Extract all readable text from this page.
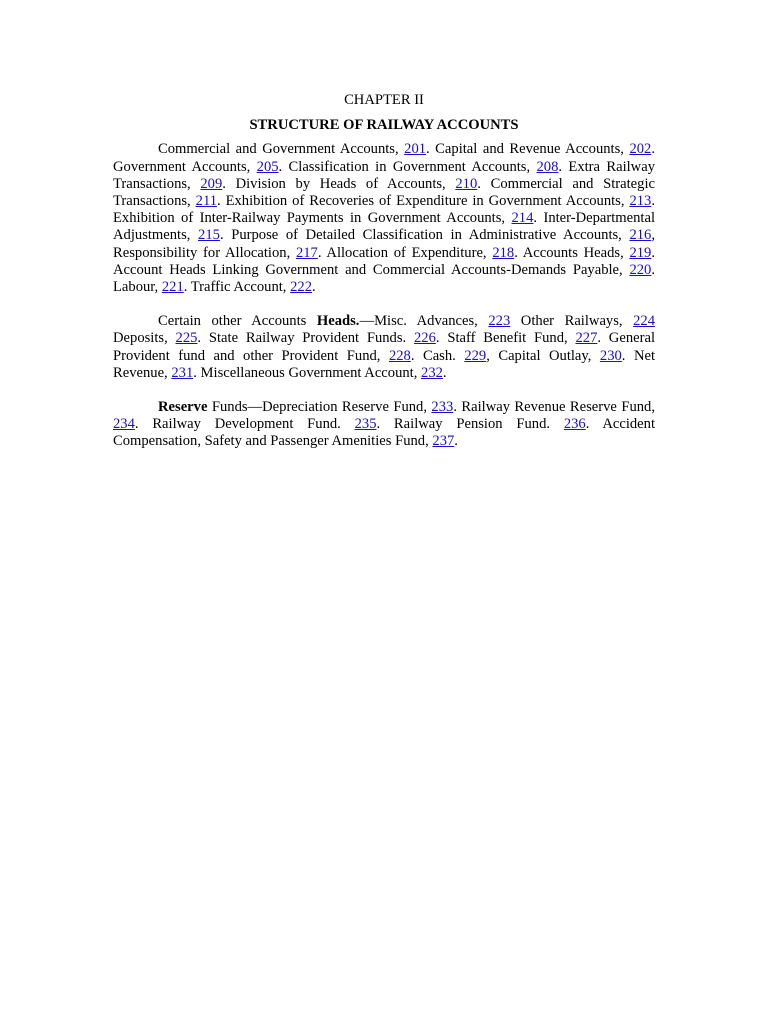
CHAPTER II
STRUCTURE OF RAILWAY ACCOUNTS

Commercial and Government Accounts, 201. Capital and Revenue Accounts, 202. Government Accounts, 205. Classification in Government Accounts, 208. Extra Railway Transactions, 209. Division by Heads of Accounts, 210. Commercial and Strategic Transactions, 211. Exhibition of Recoveries of Expenditure in Government Accounts, 213. Exhibition of Inter-Railway Payments in Government Accounts, 214. Inter-Departmental Adjustments, 215. Purpose of Detailed Classification in Administrative Accounts, 216, Responsibility for Allocation, 217. Allocation of Expenditure, 218. Accounts Heads, 219. Account Heads Linking Government and Commercial Accounts-Demands Payable, 220. Labour, 221. Traffic Account, 222.

Certain other Accounts Heads.—Misc. Advances, 223 Other Railways, 224 Deposits, 225. State Railway Provident Funds. 226. Staff Benefit Fund, 227. General Provident fund and other Provident Fund, 228. Cash. 229, Capital Outlay, 230. Net Revenue, 231. Miscellaneous Government Account, 232.

Reserve Funds—Depreciation Reserve Fund, 233. Railway Revenue Reserve Fund, 234. Railway Development Fund. 235. Railway Pension Fund. 236. Accident Compensation, Safety and Passenger Amenities Fund, 237.
